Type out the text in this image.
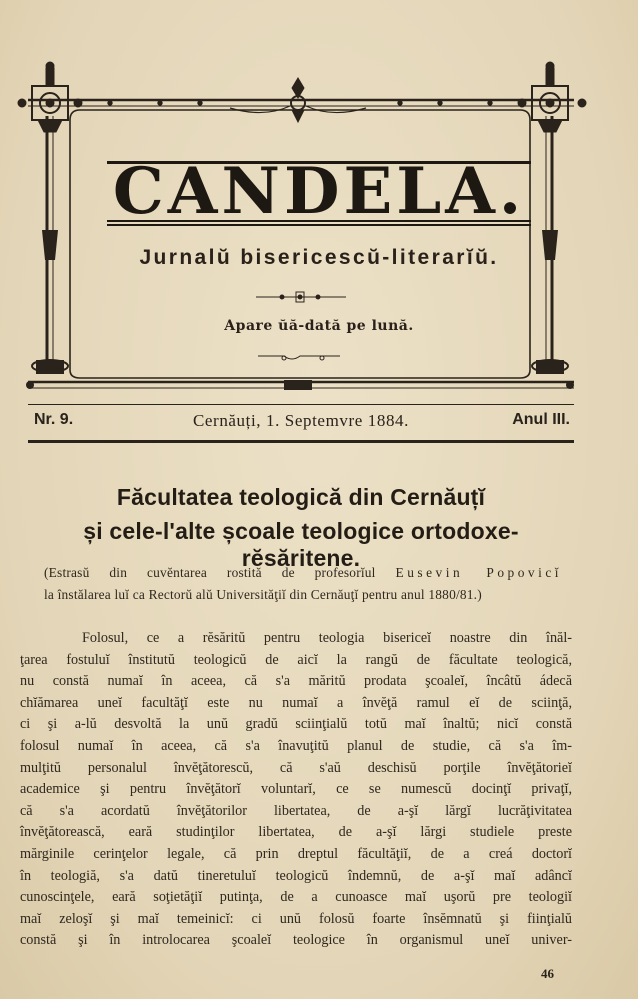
CANDELA.
Jurnalŭ bisericescŭ-literarĭŭ.
Apare ŭă-dată pe lună.
Nr. 9.	Cernăuți, 1. Septemvre 1884.	Anul III.
Făcultatea teologică din Cernăuțĭ
și cele-l'alte școale teologice ortodoxe-rĕsăritene.
(Estrasŭ din cuvĕntarea rostită de profesorĭul Eusevin Popovicĭ
la înstălarea luĭ ca Rectorŭ alŭ Universităţiĭ din Cernăuţĭ pentru anul 1880/81.)
Folosul, ce a rĕsăritŭ pentru teologia bisericeĭ noastre din înăl-
ţarea fostuluĭ înstitutŭ teologicŭ de aicĭ la rangŭ de făcultate teologică,
nu constă numaĭ în aceea, că s'a măritŭ prodata şcoaleĭ, încâtŭ ádecă
chĭămarea uneĭ facultăţĭ este nu numaĭ a învĕţă ramul eĭ de sciinţă,
ci şi a-lŭ desvoltă la unŭ gradŭ sciinţialŭ totŭ maĭ înaltŭ; nicĭ constă
folosul numaĭ în aceea, că s'a înavuţitŭ planul de studie, că s'a îm-
mulţitŭ personalul învĕţătorescŭ, că s'aŭ deschisŭ porţile învĕţătorieĭ
academice şi pentru învĕţătorĭ voluntarĭ, ce se numescŭ docinţĭ privaţĭ,
că s'a acordatŭ învĕţătorilor libertatea, de a-şĭ lărgĭ lucrăţivitatea
învĕţătorească, eară studinţilor libertatea, de a-şĭ lărgi studiele preste
mărginile cerinţelor legale, că prin dreptul făcultăţiĭ, de a creá doctorĭ
în teologiă, s'a datŭ tineretuluĭ teologicŭ îndemnŭ, de a-şĭ maĭ adâncĭ
cunoscinţele, eară soţietăţiĭ putinţa, de a cunoasce maĭ uşorŭ pre teologiĭ
maĭ zeloşĭ şi maĭ temeinicĭ: ci unŭ folosŭ foarte însĕmnatŭ şi fiinţialŭ
constă şi în introlocarea şcoaleĭ teologice în organismul uneĭ univer-
46
